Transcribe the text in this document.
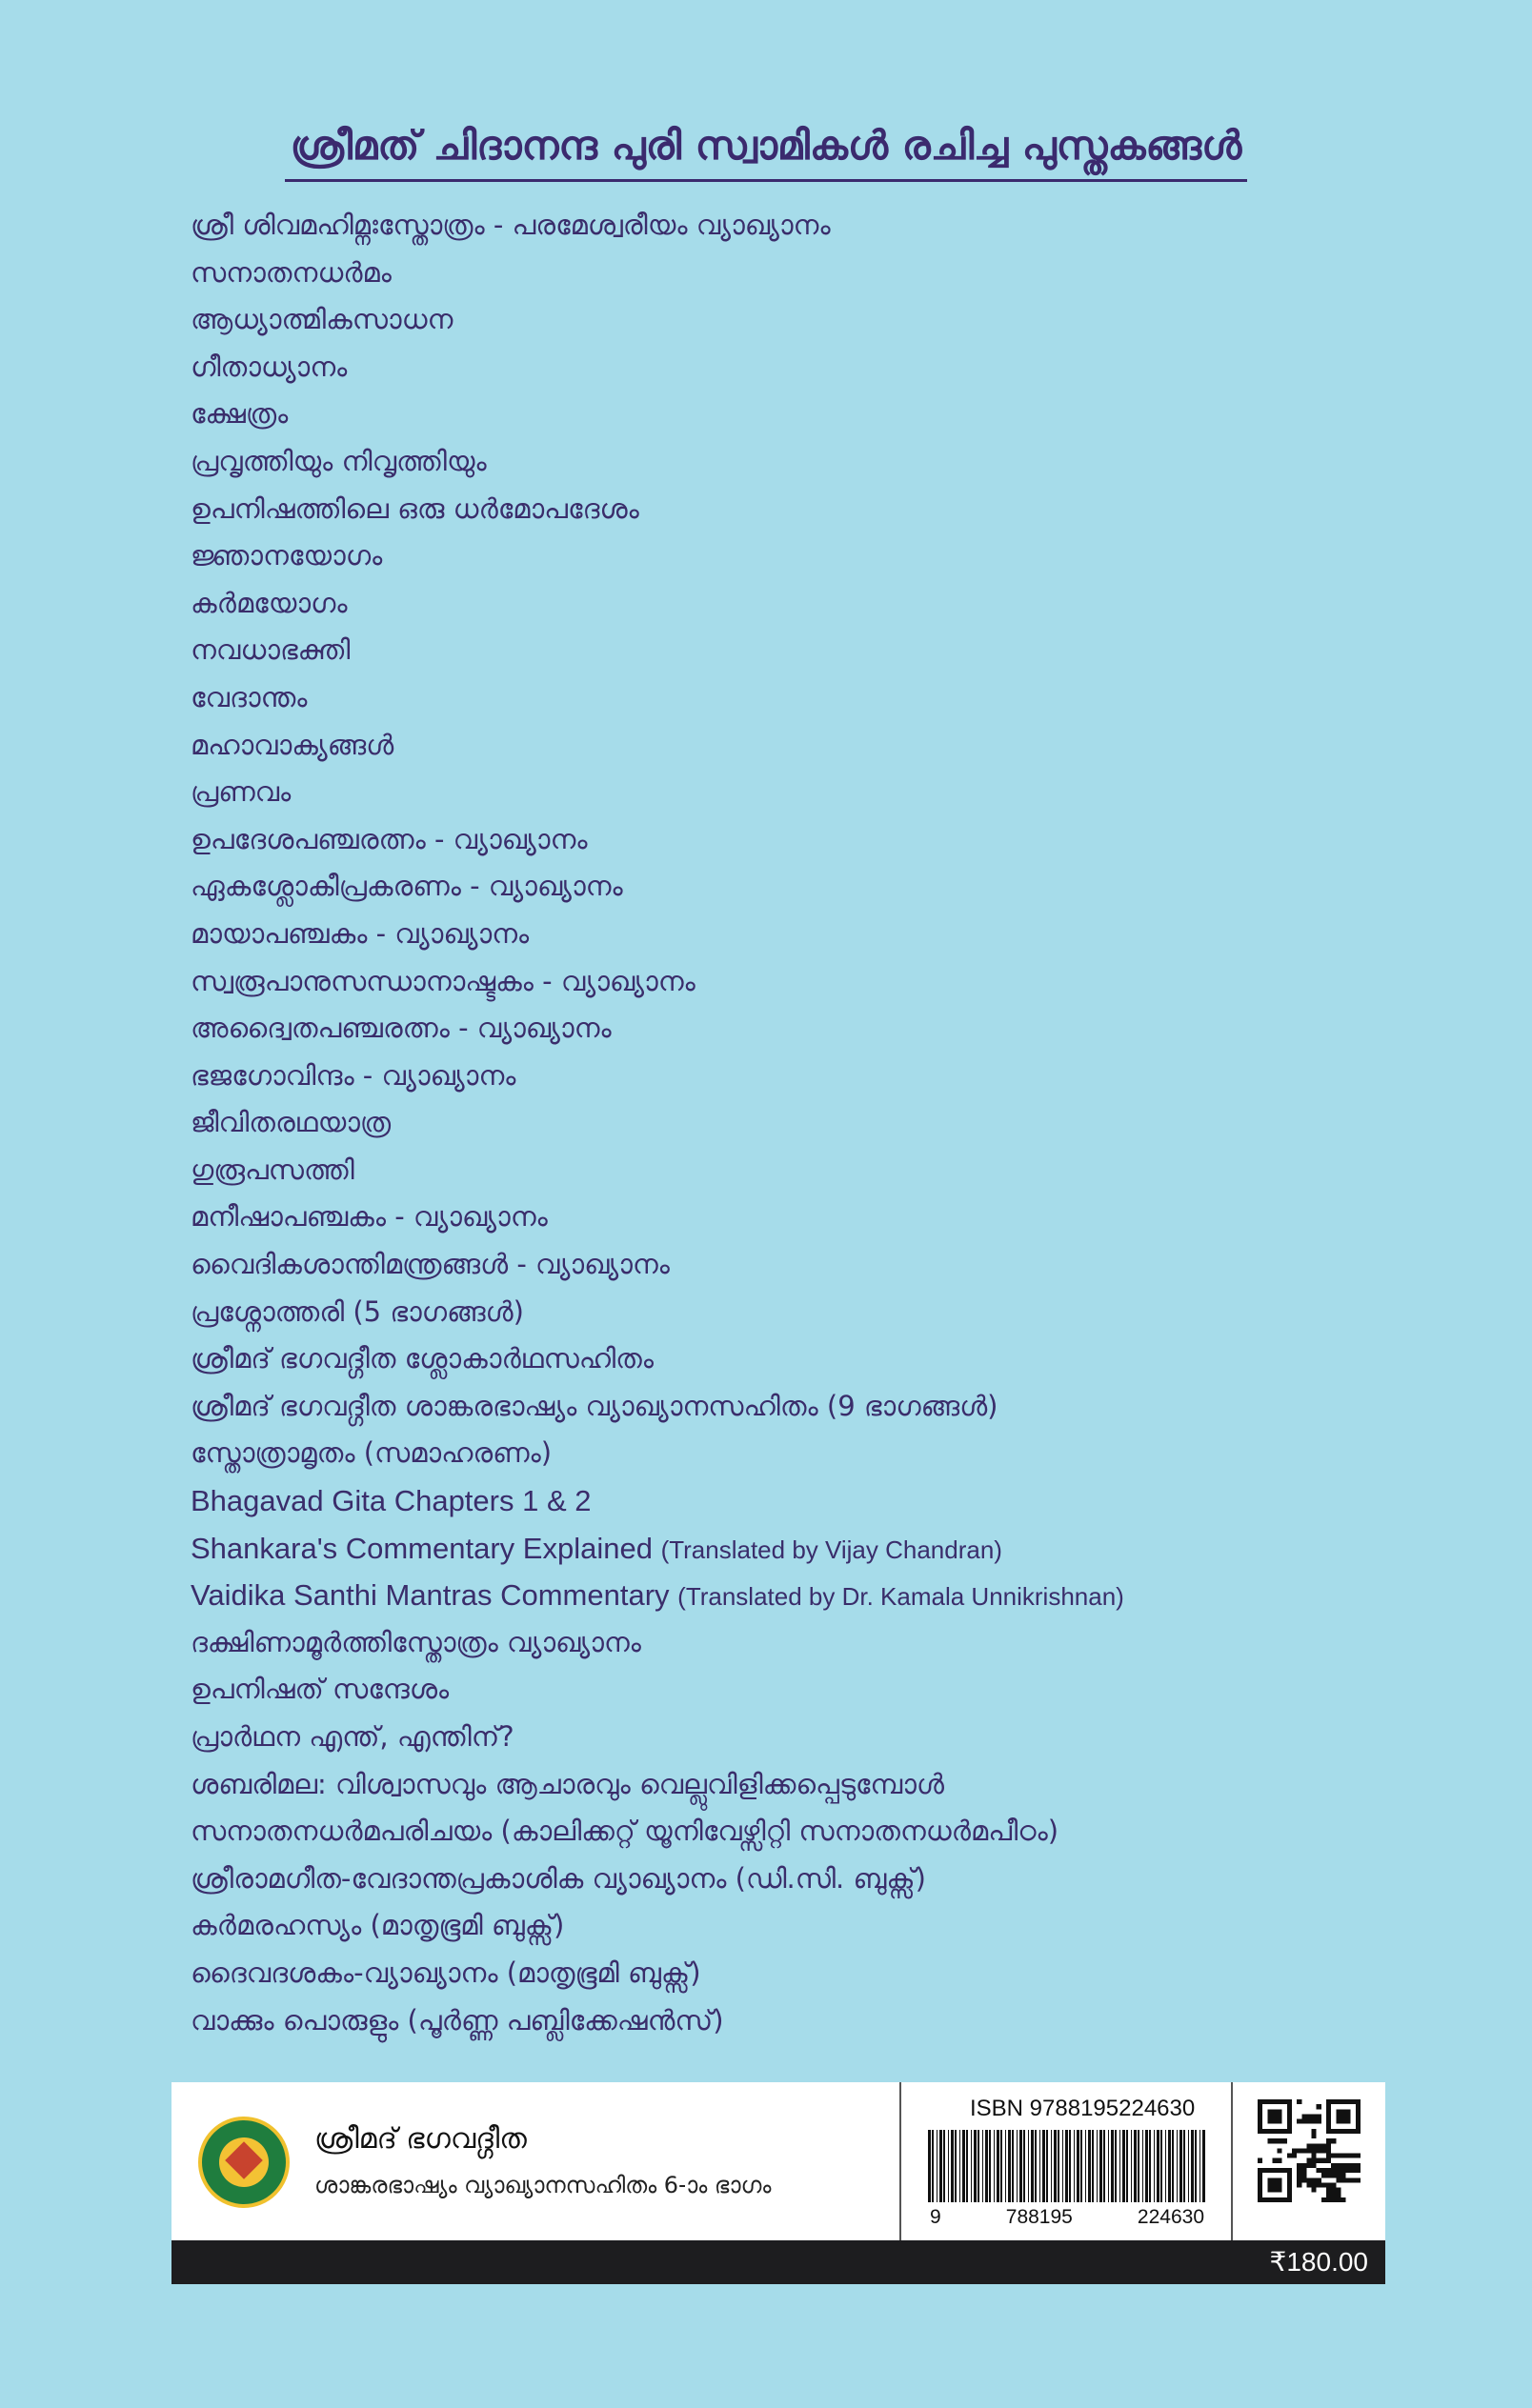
ശ്രീമത് ചിദാനന്ദ പുരി സ്വാമികൾ രചിച്ച പുസ്തകങ്ങൾ
ശ്രീ ശിവമഹിമ്നഃസ്തോത്രം - പരമേശ്വരീയം വ്യാഖ്യാനം
സനാതനധർമം
ആധ്യാത്മികസാധന
ഗീതാധ്യാനം
ക്ഷേത്രം
പ്രവൃത്തിയും നിവൃത്തിയും
ഉപനിഷത്തിലെ ഒരു ധർമോപദേശം
ജ്ഞാനയോഗം
കർമയോഗം
നവധാഭക്തി
വേദാന്തം
മഹാവാക്യങ്ങൾ
പ്രണവം
ഉപദേശപഞ്ചരത്നം - വ്യാഖ്യാനം
ഏകശ്ലോകീപ്രകരണം - വ്യാഖ്യാനം
മായാപഞ്ചകം - വ്യാഖ്യാനം
സ്വരൂപാനുസന്ധാനാഷ്ടകം - വ്യാഖ്യാനം
അദ്വൈതപഞ്ചരത്നം - വ്യാഖ്യാനം
ഭജഗോവിന്ദം - വ്യാഖ്യാനം
ജീവിതരഥയാത്ര
ഗുരൂപസത്തി
മനീഷാപഞ്ചകം - വ്യാഖ്യാനം
വൈദികശാന്തിമന്ത്രങ്ങൾ - വ്യാഖ്യാനം
പ്രശ്നോത്തരി (5 ഭാഗങ്ങൾ)
ശ്രീമദ് ഭഗവദ്ഗീത ശ്ലോകാർഥസഹിതം
ശ്രീമദ് ഭഗവദ്ഗീത ശാങ്കരഭാഷ്യം വ്യാഖ്യാനസഹിതം (9 ഭാഗങ്ങൾ)
സ്തോത്രാമൃതം (സമാഹരണം)
Bhagavad Gita Chapters 1 & 2
Shankara's Commentary Explained (Translated by Vijay Chandran)
Vaidika Santhi Mantras Commentary (Translated by Dr. Kamala Unnikrishnan)
ദക്ഷിണാമൂർത്തിസ്തോത്രം വ്യാഖ്യാനം
ഉപനിഷത് സന്ദേശം
പ്രാർഥന എന്ത്, എന്തിന്?
ശബരിമല: വിശ്വാസവും ആചാരവും വെല്ലുവിളിക്കപ്പെടുമ്പോൾ
സനാതനധർമപരിചയം (കാലിക്കറ്റ് യൂനിവേഴ്സിറ്റി സനാതനധർമപീഠം)
ശ്രീരാമഗീത-വേദാന്തപ്രകാശിക വ്യാഖ്യാനം (ഡി.സി. ബുക്സ്)
കർമരഹസ്യം (മാതൃഭൂമി ബുക്സ്)
ദൈവദശകം-വ്യാഖ്യാനം (മാതൃഭൂമി ബുക്സ്)
വാക്കും പൊരുളും (പൂർണ്ണ പബ്ലിക്കേഷൻസ്)
ശ്രീമദ് ഭഗവദ്ഗീത
ശാങ്കരഭാഷ്യം വ്യാഖ്യാനസഹിതം 6-ാം ഭാഗം
ISBN 9788195224630
9	788195	224630
₹180.00
